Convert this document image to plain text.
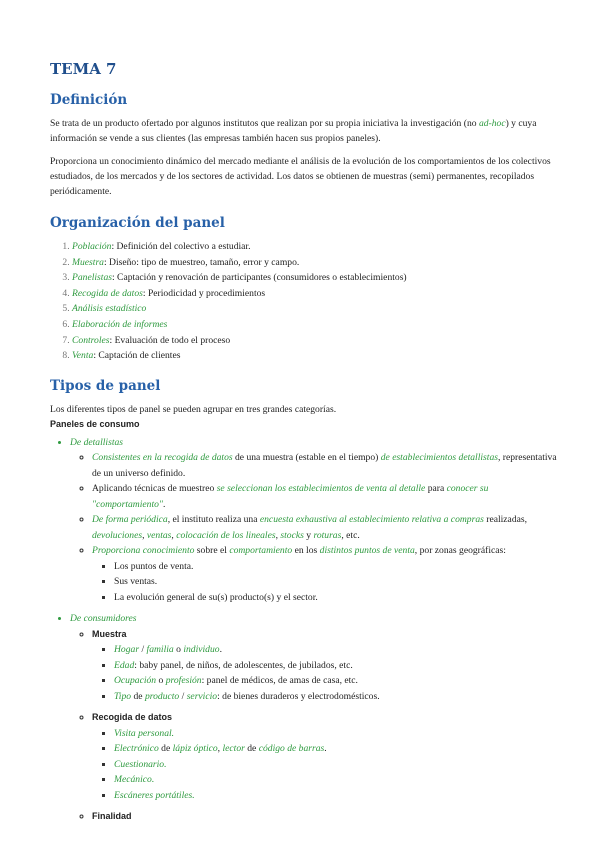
TEMA 7
Definición

Se trata de un producto ofertado por algunos institutos que realizan por su propia iniciativa la investigación (no ad-hoc) y cuya información se vende a sus clientes (las empresas también hacen sus propios paneles).

Proporciona un conocimiento dinámico del mercado mediante el análisis de la evolución de los comportamientos de los colectivos estudiados, de los mercados y de los sectores de actividad. Los datos se obtienen de muestras (semi) permanentes, recopilados periódicamente.

Organización del panel
1. Población: Definición del colectivo a estudiar.
2. Muestra: Diseño: tipo de muestreo, tamaño, error y campo.
3. Panelistas: Captación y renovación de participantes (consumidores o establecimientos)
4. Recogida de datos: Periodicidad y procedimientos
5. Análisis estadístico
6. Elaboración de informes
7. Controles: Evaluación de todo el proceso
8. Venta: Captación de clientes
Tipos de panel

Los diferentes tipos de panel se pueden agrupar en tres grandes categorías.

Paneles de consumo
• De detallistas
◦ Consistentes en la recogida de datos de una muestra (estable en el tiempo) de establecimientos detallistas, representativa de un universo definido.
◦ Aplicando técnicas de muestreo se seleccionan los establecimientos de venta al detalle para conocer su "comportamiento".
◦ De forma periódica, el instituto realiza una encuesta exhaustiva al establecimiento relativa a compras realizadas, devoluciones, ventas, colocación de los lineales, stocks y roturas, etc.
◦ Proporciona conocimiento sobre el comportamiento en los distintos puntos de venta, por zonas geográficas:
▪ Los puntos de venta.
▪ Sus ventas.
▪ La evolución general de su(s) producto(s) y el sector.
• De consumidores
◦ Muestra
▪ Hogar / familia o individuo.
▪ Edad: baby panel, de niños, de adolescentes, de jubilados, etc.
▪ Ocupación o profesión: panel de médicos, de amas de casa, etc.
▪ Tipo de producto / servicio: de bienes duraderos y electrodomésticos.
◦ Recogida de datos
▪ Visita personal.
▪ Electrónico de lápiz óptico, lector de código de barras.
▪ Cuestionario.
▪ Mecánico.
▪ Escáneres portátiles.
◦ Finalidad
